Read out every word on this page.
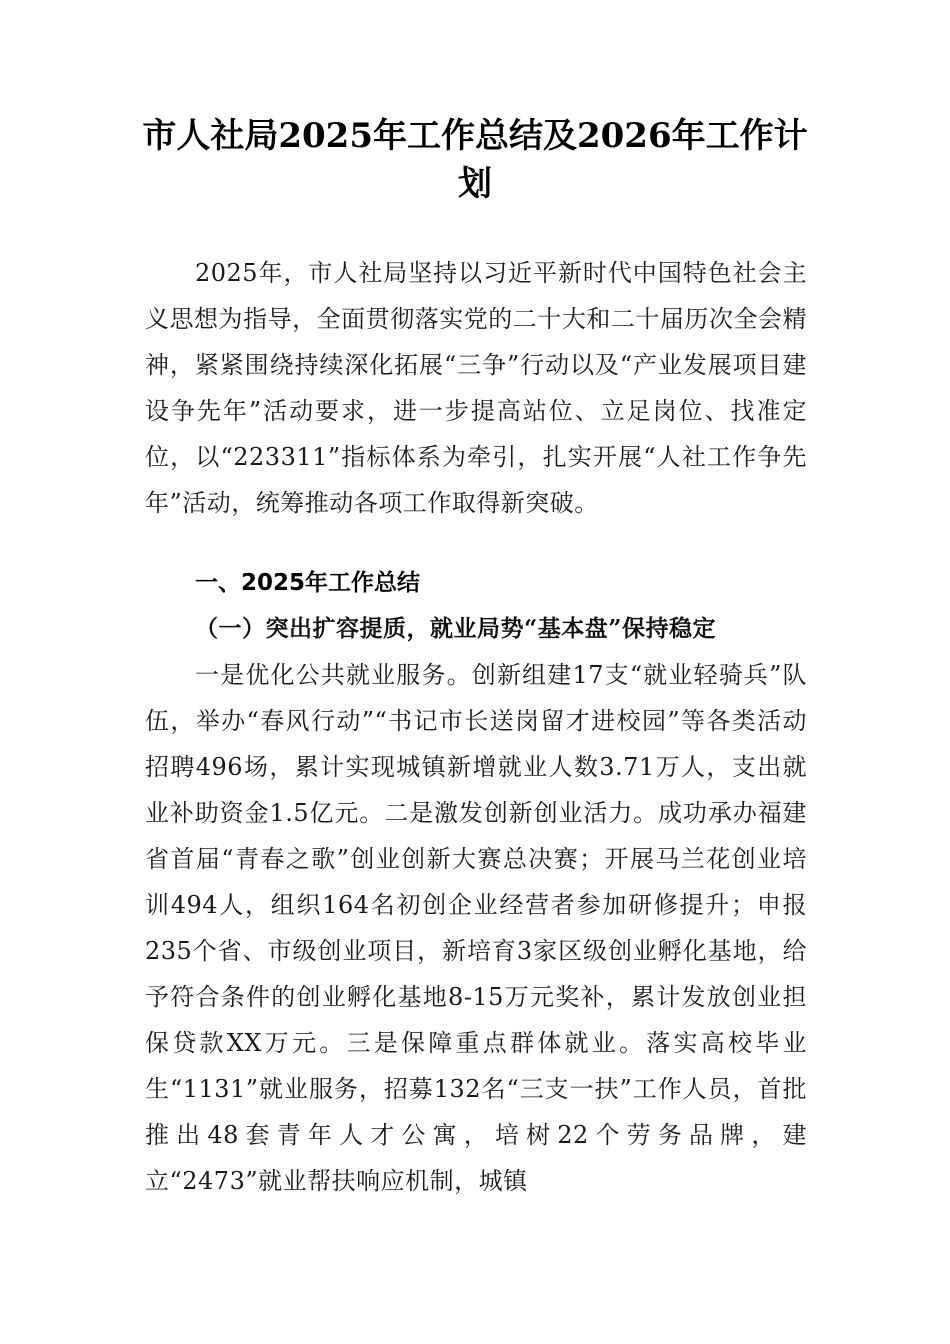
市人社局2025年工作总结及2026年工作计划

2025年，市人社局坚持以习近平新时代中国特色社会主义思想为指导，全面贯彻落实党的二十大和二十届历次全会精神，紧紧围绕持续深化拓展“三争”行动以及“产业发展项目建设争先年”活动要求，进一步提高站位、立足岗位、找准定位，以“223311”指标体系为牵引，扎实开展“人社工作争先年”活动，统筹推动各项工作取得新突破。

一、2025年工作总结
（一）突出扩容提质，就业局势“基本盘”保持稳定

一是优化公共就业服务。创新组建17支“就业轻骑兵”队伍，举办“春风行动”“书记市长送岗留才进校园”等各类活动招聘496场，累计实现城镇新增就业人数3.71万人，支出就业补助资金1.5亿元。二是激发创新创业活力。成功承办福建省首届“青春之歌”创业创新大赛总决赛；开展马兰花创业培训494人，组织164名初创企业经营者参加研修提升；申报235个省、市级创业项目，新培育3家区级创业孵化基地，给予符合条件的创业孵化基地8-15万元奖补，累计发放创业担保贷款XX万元。三是保障重点群体就业。落实高校毕业生“1131”就业服务，招募132名“三支一扶”工作人员，首批推出48套青年人才公寓，培树22个劳务品牌，建立“2473”就业帮扶响应机制，城镇
